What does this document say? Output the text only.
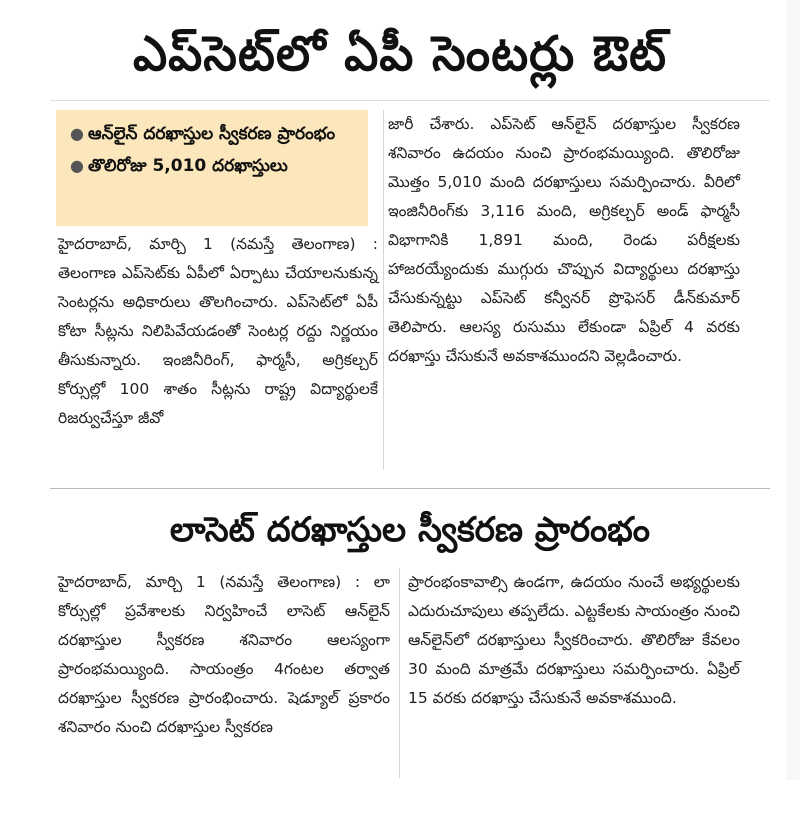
ఎప్‌సెట్‌లో ఏపీ సెంటర్లు ఔట్
● ఆన్‌లైన్ దరఖాస్తుల స్వీకరణ ప్రారంభం
● తొలిరోజు 5,010 దరఖాస్తులు

హైదరాబాద్, మార్చి 1 (నమస్తే తెలంగాణ) : తెలంగాణ ఎప్‌సెట్‌కు ఏపీలో ఏర్పాటు చేయాలనుకున్న సెంటర్లను అధికారులు తొలగించారు. ఎప్‌సెట్‌లో ఏపీ కోటా సీట్లను నిలిపివేయడంతో సెంటర్ల రద్దు నిర్ణయం తీసుకున్నారు. ఇంజినీరింగ్, ఫార్మసీ, అగ్రికల్చర్ కోర్సుల్లో 100 శాతం సీట్లను రాష్ట్ర విద్యార్థులకే రిజర్వుచేస్తూ జీవో

జారీ చేశారు. ఎప్‌సెట్ ఆన్‌లైన్ దరఖాస్తుల స్వీకరణ శనివారం ఉదయం నుంచి ప్రారంభమయ్యింది. తొలిరోజు మొత్తం 5,010 మంది దరఖాస్తులు సమర్పించారు. వీరిలో ఇంజినీరింగ్‌కు 3,116 మంది, అగ్రికల్చర్ అండ్ ఫార్మసీ విభాగానికి 1,891 మంది, రెండు పరీక్షలకు హాజరయ్యేందుకు ముగ్గురు చొప్పున విద్యార్థులు దరఖాస్తు చేసుకున్నట్టు ఎప్‌సెట్ కన్వీనర్ ప్రొఫెసర్ డీన్‌కుమార్ తెలిపారు. ఆలస్య రుసుము లేకుండా ఏప్రిల్ 4 వరకు దరఖాస్తు చేసుకునే అవకాశముందని వెల్లడించారు.

లాసెట్ దరఖాస్తుల స్వీకరణ ప్రారంభం

హైదరాబాద్, మార్చి 1 (నమస్తే తెలంగాణ) : లా కోర్సుల్లో ప్రవేశాలకు నిర్వహించే లాసెట్ ఆన్‌లైన్ దరఖాస్తుల స్వీకరణ శనివారం ఆలస్యంగా ప్రారంభమయ్యింది. సాయంత్రం 4గంటల తర్వాత దరఖాస్తుల స్వీకరణ ప్రారంభించారు. షెడ్యూల్ ప్రకారం శనివారం నుంచి దరఖాస్తుల స్వీకరణ

ప్రారంభంకావాల్సి ఉండగా, ఉదయం నుంచే అభ్యర్థులకు ఎదురుచూపులు తప్పలేదు. ఎట్టకేలకు సాయంత్రం నుంచి ఆన్‌లైన్‌లో దరఖాస్తులు స్వీకరించారు. తొలిరోజు కేవలం 30 మంది మాత్రమే దరఖాస్తులు సమర్పించారు. ఏప్రిల్ 15 వరకు దరఖాస్తు చేసుకునే అవకాశముంది.
